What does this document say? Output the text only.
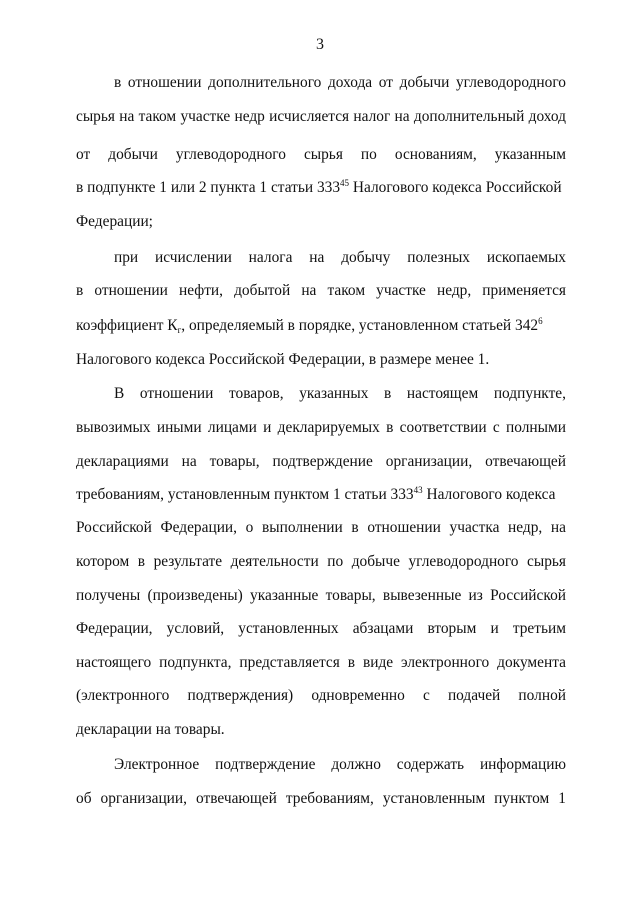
3
в отношении дополнительного дохода от добычи углеводородного
сырья на таком участке недр исчисляется налог на дополнительный доход
от добычи углеводородного сырья по основаниям, указанным
в подпункте 1 или 2 пункта 1 статьи $333^{45}$ Налогового кодекса Российской
Федерации;
при исчислении налога на добычу полезных ископаемых
в отношении нефти, добытой на таком участке недр, применяется
коэффициент $К_г$, определяемый в порядке, установленном статьей $342^6$
Налогового кодекса Российской Федерации, в размере менее 1.
В отношении товаров, указанных в настоящем подпункте,
вывозимых иными лицами и декларируемых в соответствии с полными
декларациями на товары, подтверждение организации, отвечающей
требованиям, установленным пунктом 1 статьи $333^{43}$ Налогового кодекса
Российской Федерации, о выполнении в отношении участка недр, на
котором в результате деятельности по добыче углеводородного сырья
получены (произведены) указанные товары, вывезенные из Российской
Федерации, условий, установленных абзацами вторым и третьим
настоящего подпункта, представляется в виде электронного документа
(электронного подтверждения) одновременно с подачей полной
декларации на товары.
Электронное подтверждение должно содержать информацию
об организации, отвечающей требованиям, установленным пунктом 1
